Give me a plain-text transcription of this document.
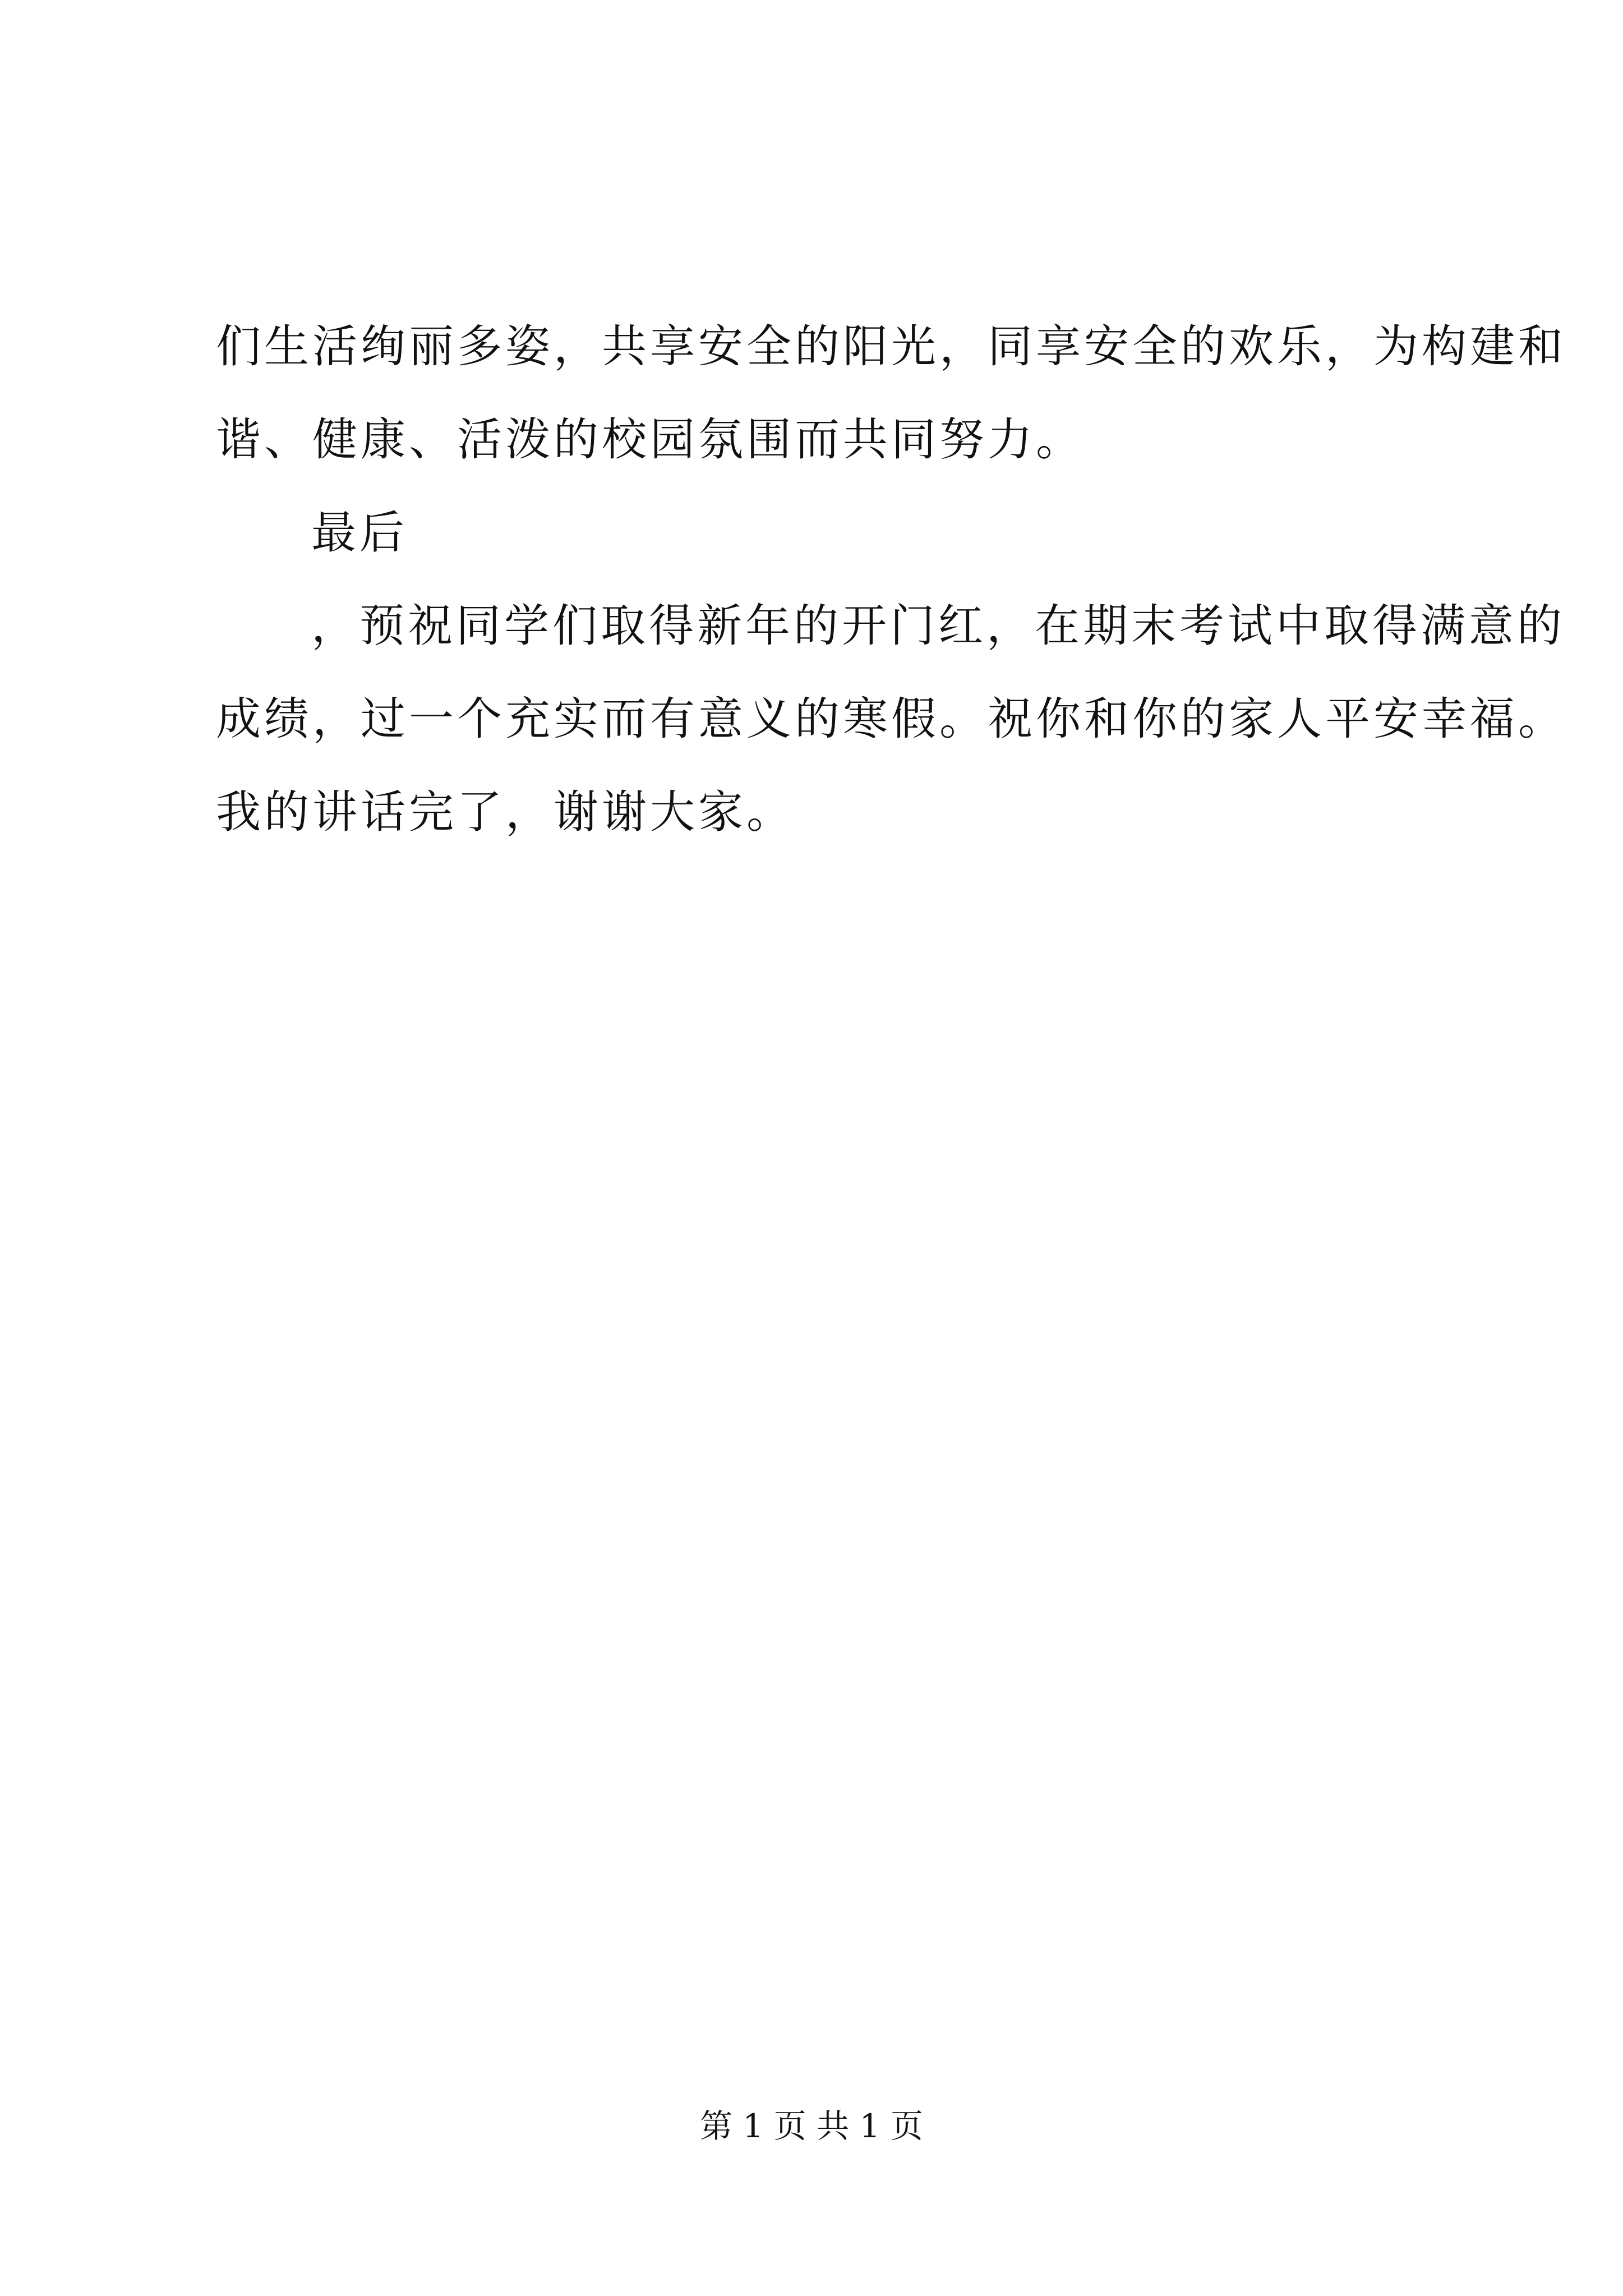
们生活绚丽多姿，共享安全的阳光，同享安全的欢乐，为构建和
谐、健康、活泼的校园氛围而共同努力。
最后
，预祝同学们取得新年的开门红，在期末考试中取得满意的
成绩，过一个充实而有意义的寒假。祝你和你的家人平安幸福。
我的讲话完了，谢谢大家。
第 1 页 共 1 页
